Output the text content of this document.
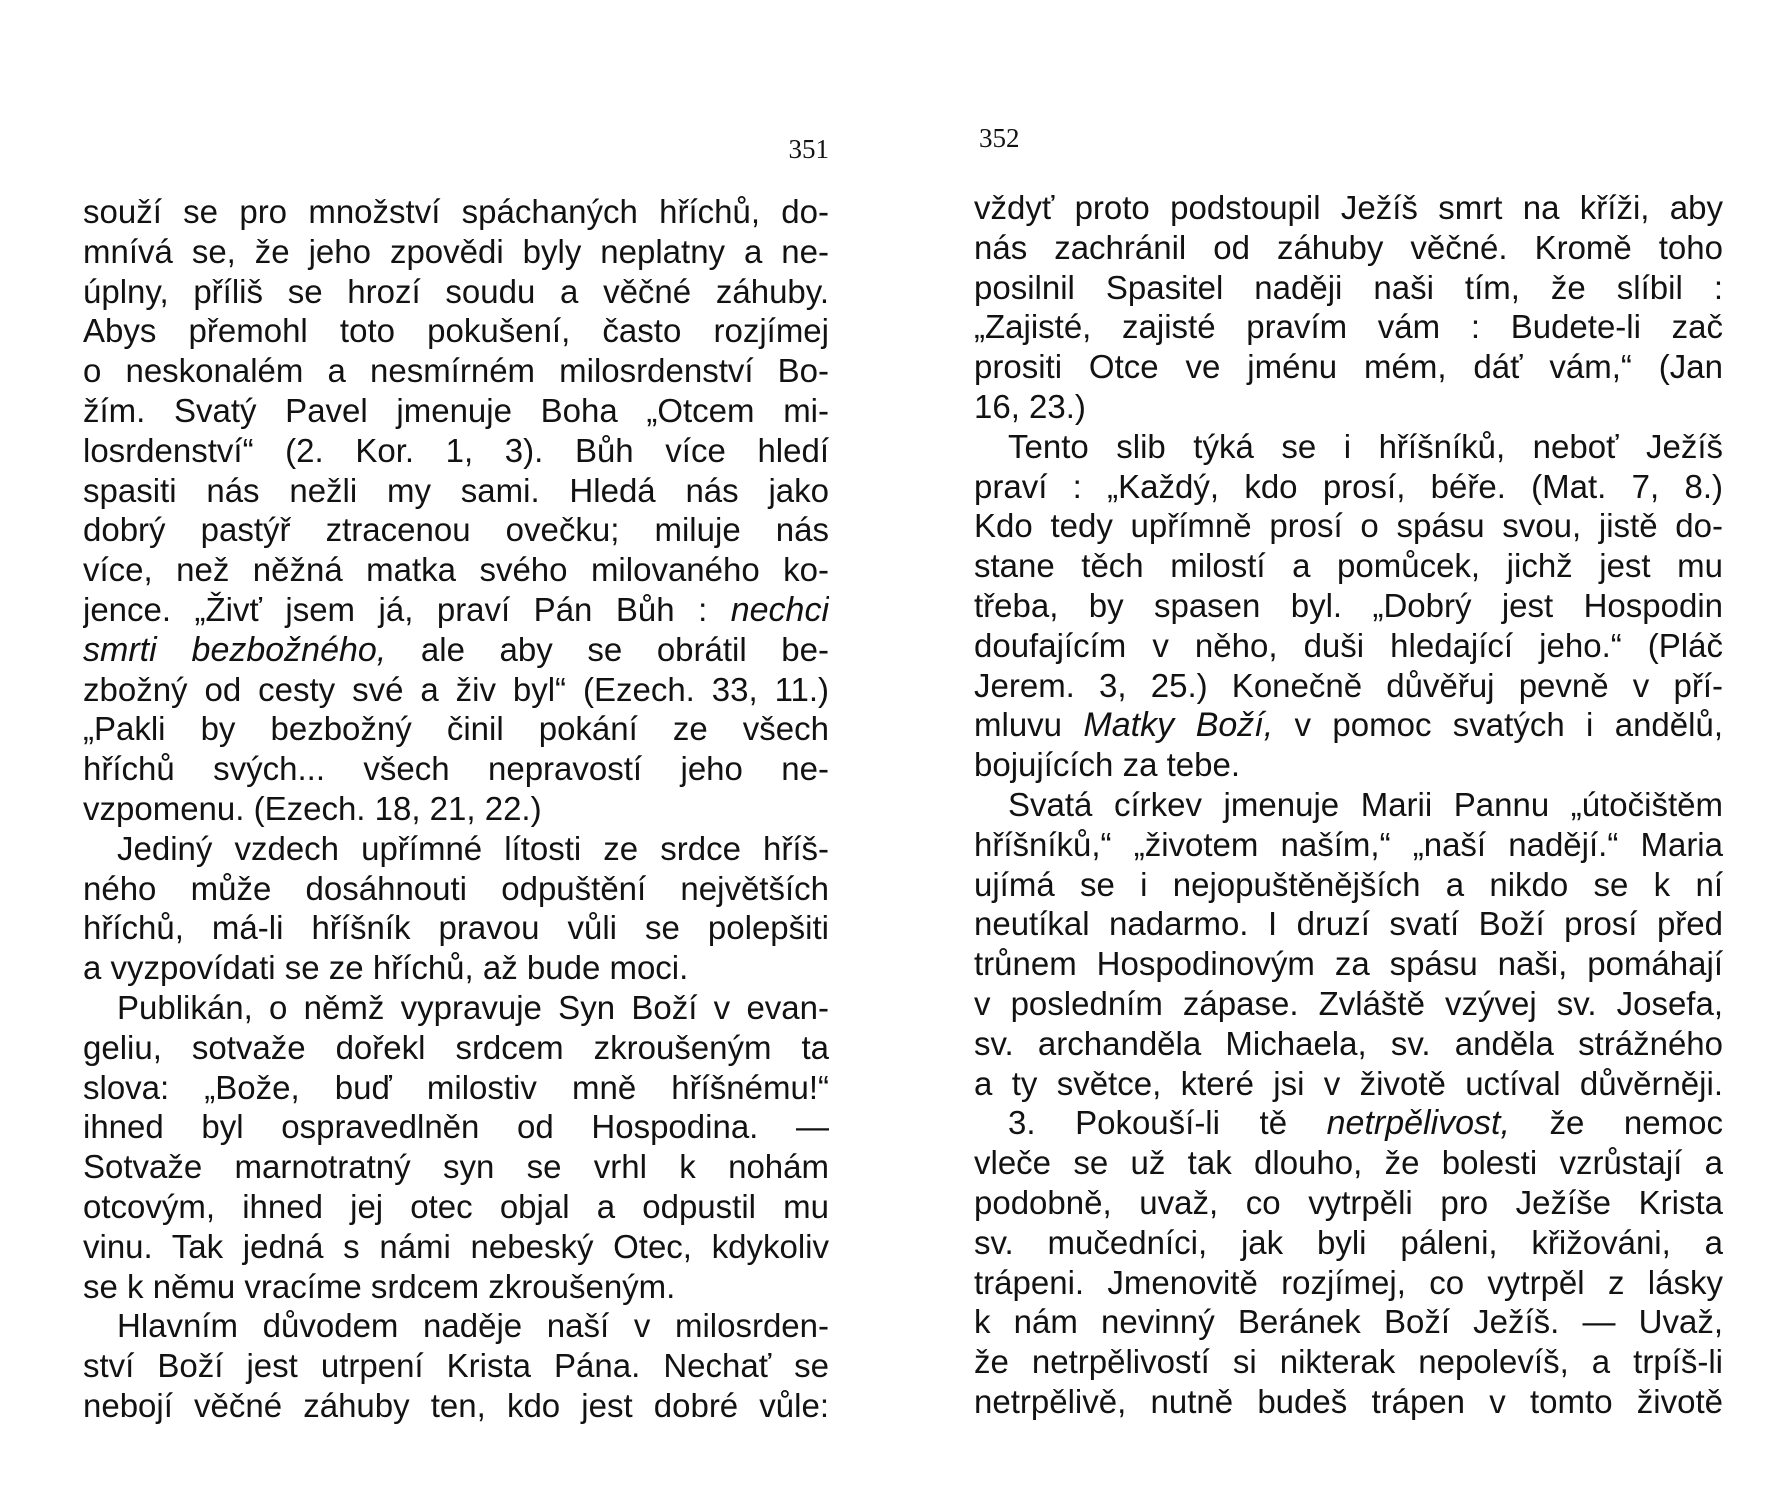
351	352
souží se pro množství spáchaných hříchů, do-
mnívá se, že jeho zpovědi byly neplatny a ne-
úplny, příliš se hrozí soudu a věčné záhuby.
Abys přemohl toto pokušení, často rozjímej
o neskonalém a nesmírném milosrdenství Bo-
žím. Svatý Pavel jmenuje Boha „Otcem mi-
losrdenství“ (2. Kor. 1, 3). Bůh více hledí
spasiti nás nežli my sami. Hledá nás jako
dobrý pastýř ztracenou ovečku; miluje nás
více, než něžná matka svého milovaného ko-
jence. „Živť jsem já, praví Pán Bůh : nechci
smrti bezbožného, ale aby se obrátil be-
zbožný od cesty své a živ byl“ (Ezech. 33, 11.)
„Pakli by bezbožný činil pokání ze všech
hříchů svých... všech nepravostí jeho ne-
vzpomenu. (Ezech. 18, 21, 22.)
Jediný vzdech upřímné lítosti ze srdce hříš-
ného může dosáhnouti odpuštění největších
hříchů, má-li hříšník pravou vůli se polepšiti
a vyzpovídati se ze hříchů, až bude moci.
Publikán, o němž vypravuje Syn Boží v evan-
geliu, sotvaže dořekl srdcem zkroušeným ta
slova: „Bože, buď milostiv mně hříšnému!“
ihned byl ospravedlněn od Hospodina. —
Sotvaže marnotratný syn se vrhl k nohám
otcovým, ihned jej otec objal a odpustil mu
vinu. Tak jedná s námi nebeský Otec, kdykoliv
se k němu vracíme srdcem zkroušeným.
Hlavním důvodem naděje naší v milosrden-
ství Boží jest utrpení Krista Pána. Nechať se
nebojí věčné záhuby ten, kdo jest dobré vůle:
vždyť proto podstoupil Ježíš smrt na kříži, aby
nás zachránil od záhuby věčné. Kromě toho
posilnil Spasitel naději naši tím, že slíbil :
„Zajisté, zajisté pravím vám : Budete-li zač
prositi Otce ve jménu mém, dáť vám,“ (Jan
16, 23.)
Tento slib týká se i hříšníků, neboť Ježíš
praví : „Každý, kdo prosí, béře. (Mat. 7, 8.)
Kdo tedy upřímně prosí o spásu svou, jistě do-
stane těch milostí a pomůcek, jichž jest mu
třeba, by spasen byl. „Dobrý jest Hospodin
doufajícím v něho, duši hledající jeho.“ (Pláč
Jerem. 3, 25.) Konečně důvěřuj pevně v pří-
mluvu Matky Boží, v pomoc svatých i andělů,
bojujících za tebe.
Svatá církev jmenuje Marii Pannu „útočištěm
hříšníků,“ „životem naším,“ „naší nadějí.“ Maria
ujímá se i nejopuštěnějších a nikdo se k ní
neutíkal nadarmo. I druzí svatí Boží prosí před
trůnem Hospodinovým za spásu naši, pomáhají
v posledním zápase. Zvláště vzývej sv. Josefa,
sv. archanděla Michaela, sv. anděla strážného
a ty světce, které jsi v životě uctíval důvěrněji.
3. Pokouší-li tě netrpělivost, že nemoc
vleče se už tak dlouho, že bolesti vzrůstají a
podobně, uvaž, co vytrpěli pro Ježíše Krista
sv. mučedníci, jak byli páleni, křižováni, a
trápeni. Jmenovitě rozjímej, co vytrpěl z lásky
k nám nevinný Beránek Boží Ježíš. — Uvaž,
že netrpělivostí si nikterak nepolevíš, a trpíš-li
netrpělivě, nutně budeš trápen v tomto životě
